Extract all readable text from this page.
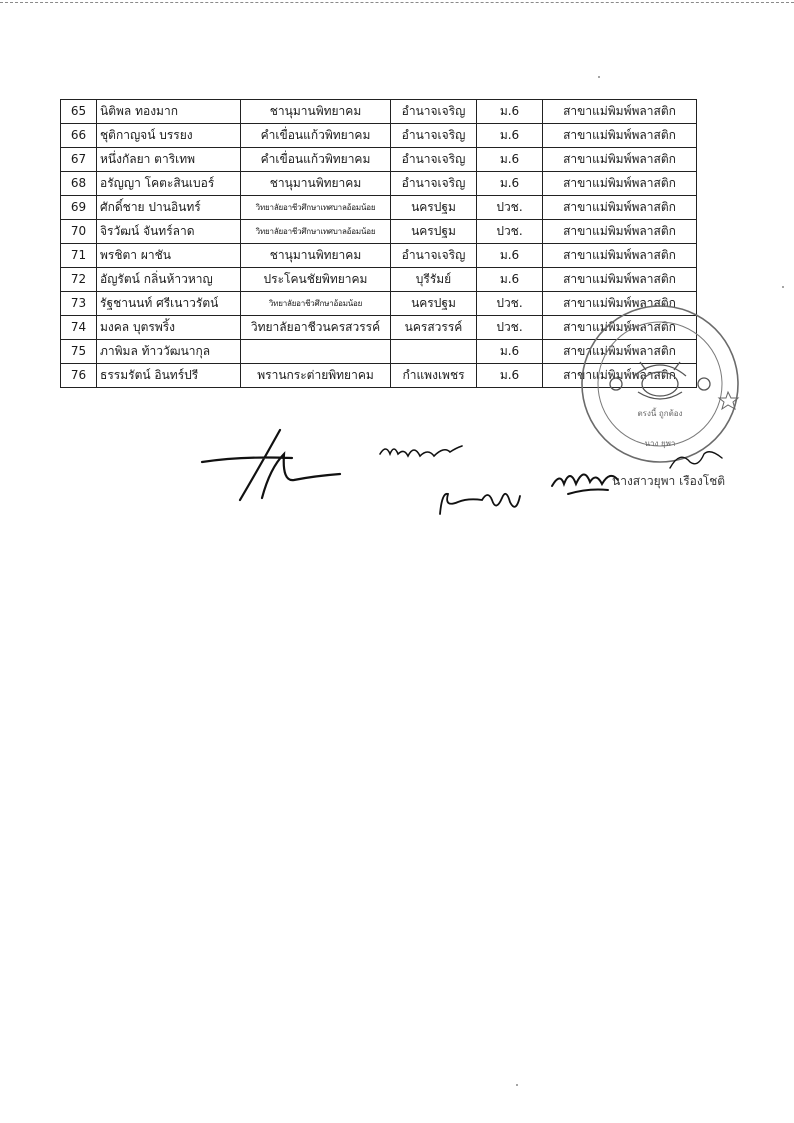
65	นิติพล ทองมาก	ชานุมานพิทยาคม	อำนาจเจริญ	ม.6	สาขาแม่พิมพ์พลาสติก
66	ชุติกาญจน์ บรรยง	คำเขื่อนแก้วพิทยาคม	อำนาจเจริญ	ม.6	สาขาแม่พิมพ์พลาสติก
67	หนึ่งกัลยา ตาริเทพ	คำเขื่อนแก้วพิทยาคม	อำนาจเจริญ	ม.6	สาขาแม่พิมพ์พลาสติก
68	อรัญญา โคตะสินเบอร์	ชานุมานพิทยาคม	อำนาจเจริญ	ม.6	สาขาแม่พิมพ์พลาสติก
69	ศักดิ์ชาย ปานอินทร์	วิทยาลัยอาชีวศึกษาเทศบาลอ้อมน้อย	นครปฐม	ปวช.	สาขาแม่พิมพ์พลาสติก
70	จิรวัฒน์ จันทร์ลาด	วิทยาลัยอาชีวศึกษาเทศบาลอ้อมน้อย	นครปฐม	ปวช.	สาขาแม่พิมพ์พลาสติก
71	พรชิตา ผาชัน	ชานุมานพิทยาคม	อำนาจเจริญ	ม.6	สาขาแม่พิมพ์พลาสติก
72	อัญรัตน์ กลิ่นห้าวหาญ	ประโคนชัยพิทยาคม	บุรีรัมย์	ม.6	สาขาแม่พิมพ์พลาสติก
73	รัฐชานนท์ ศรีเนาวรัตน์	วิทยาลัยอาชีวศึกษาอ้อมน้อย	นครปฐม	ปวช.	สาขาแม่พิมพ์พลาสติก
74	มงคล บุตรพริ้ง	วิทยาลัยอาชีวนครสวรรค์	นครสวรรค์	ปวช.	สาขาแม่พิมพ์พลาสติก
75	ภาพิมล ท้าววัฒนากุล			ม.6	สาขาแม่พิมพ์พลาสติก
76	ธรรมรัตน์ อินทร์ปรี	พรานกระต่ายพิทยาคม	กำแพงเพชร	ม.6	สาขาแม่พิมพ์พลาสติก
ตรงนี้ ถูกต้อง
นาง ยุพา
นางสาวยุพา เรืองโชติ
